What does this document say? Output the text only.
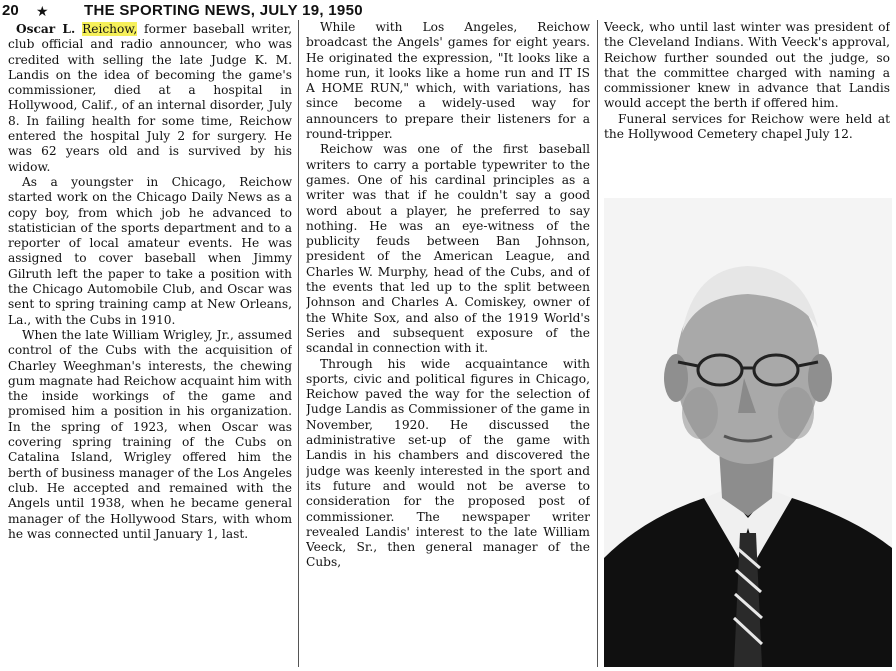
20 ★ THE SPORTING NEWS, JULY 19, 1950

Oscar L. Reichow, former baseball writer, club official and radio announcer, who was credited with selling the late Judge K. M. Landis on the idea of becoming the game's commissioner, died at a hospital in Hollywood, Calif., of an internal disorder, July 8. In failing health for some time, Reichow entered the hospital July 2 for surgery. He was 62 years old and is survived by his widow.

As a youngster in Chicago, Reichow started work on the Chicago Daily News as a copy boy, from which job he advanced to statistician of the sports department and to a reporter of local amateur events. He was assigned to cover baseball when Jimmy Gilruth left the paper to take a position with the Chicago Automobile Club, and Oscar was sent to spring training camp at New Orleans, La., with the Cubs in 1910.

When the late William Wrigley, Jr., assumed control of the Cubs with the acquisition of Charley Weeghman's interests, the chewing gum magnate had Reichow acquaint him with the inside workings of the game and promised him a position in his organization. In the spring of 1923, when Oscar was covering spring training of the Cubs on Catalina Island, Wrigley offered him the berth of business manager of the Los Angeles club. He accepted and remained with the Angels until 1938, when he became general manager of the Hollywood Stars, with whom he was connected until January 1, last.

While with Los Angeles, Reichow broadcast the Angels' games for eight years. He originated the expression, "It looks like a home run, it looks like a home run and IT IS A HOME RUN," which, with variations, has since become a widely-used way for announcers to prepare their listeners for a round-tripper.

Reichow was one of the first baseball writers to carry a portable typewriter to the games. One of his cardinal principles as a writer was that if he couldn't say a good word about a player, he preferred to say nothing. He was an eye-witness of the publicity feuds between Ban Johnson, president of the American League, and Charles W. Murphy, head of the Cubs, and of the events that led up to the split between Johnson and Charles A. Comiskey, owner of the White Sox, and also of the 1919 World's Series and subsequent exposure of the scandal in connection with it.

Through his wide acquaintance with sports, civic and political figures in Chicago, Reichow paved the way for the selection of Judge Landis as Commissioner of the game in November, 1920. He discussed the administrative set-up of the game with Landis in his chambers and discovered the judge was keenly interested in the sport and its future and would not be averse to consideration for the proposed post of commissioner. The newspaper writer revealed Landis' interest to the late William Veeck, Sr., then general manager of the Cubs,

Veeck, who until last winter was president of the Cleveland Indians. With Veeck's approval, Reichow further sounded out the judge, so that the committee charged with naming a commissioner knew in advance that Landis would accept the berth if offered him.

Funeral services for Reichow were held at the Hollywood Cemetery chapel July 12.
